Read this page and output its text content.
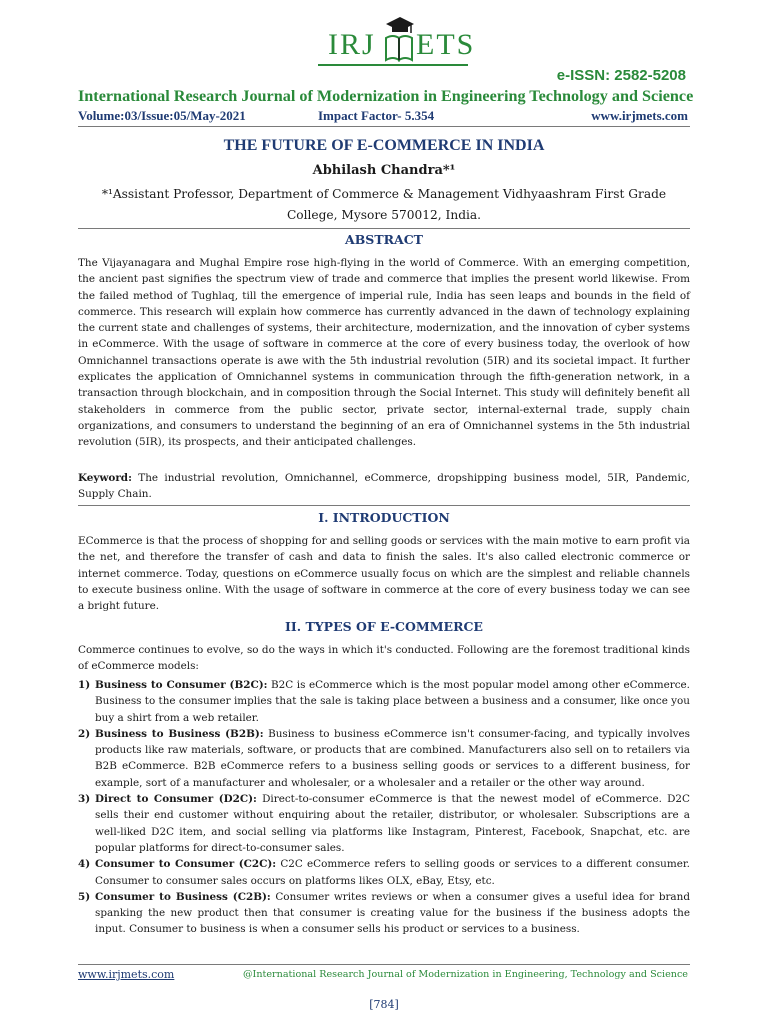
IRJ ETS
e-ISSN: 2582-5208
International Research Journal of Modernization in Engineering Technology and Science
Volume:03/Issue:05/May-2021	Impact Factor- 5.354	www.irjmets.com
THE FUTURE OF E-COMMERCE IN INDIA
Abhilash Chandra*¹
*¹Assistant Professor, Department of Commerce & Management Vidhyaashram First Grade College, Mysore 570012, India.
ABSTRACT

The Vijayanagara and Mughal Empire rose high-flying in the world of Commerce. With an emerging competition, the ancient past signifies the spectrum view of trade and commerce that implies the present world likewise. From the failed method of Tughlaq, till the emergence of imperial rule, India has seen leaps and bounds in the field of commerce. This research will explain how commerce has currently advanced in the dawn of technology explaining the current state and challenges of systems, their architecture, modernization, and the innovation of cyber systems in eCommerce. With the usage of software in commerce at the core of every business today, the overlook of how Omnichannel transactions operate is awe with the 5th industrial revolution (5IR) and its societal impact. It further explicates the application of Omnichannel systems in communication through the fifth-generation network, in a transaction through blockchain, and in composition through the Social Internet. This study will definitely benefit all stakeholders in commerce from the public sector, private sector, internal-external trade, supply chain organizations, and consumers to understand the beginning of an era of Omnichannel systems in the 5th industrial revolution (5IR), its prospects, and their anticipated challenges.

Keyword: The industrial revolution, Omnichannel, eCommerce, dropshipping business model, 5IR, Pandemic, Supply Chain.

I. INTRODUCTION

ECommerce is that the process of shopping for and selling goods or services with the main motive to earn profit via the net, and therefore the transfer of cash and data to finish the sales. It's also called electronic commerce or internet commerce. Today, questions on eCommerce usually focus on which are the simplest and reliable channels to execute business online. With the usage of software in commerce at the core of every business today we can see a bright future.

II. TYPES OF E-COMMERCE

Commerce continues to evolve, so do the ways in which it's conducted. Following are the foremost traditional kinds of eCommerce models:

1) Business to Consumer (B2C): B2C is eCommerce which is the most popular model among other eCommerce. Business to the consumer implies that the sale is taking place between a business and a consumer, like once you buy a shirt from a web retailer.
2) Business to Business (B2B): Business to business eCommerce isn't consumer-facing, and typically involves products like raw materials, software, or products that are combined. Manufacturers also sell on to retailers via B2B eCommerce. B2B eCommerce refers to a business selling goods or services to a different business, for example, sort of a manufacturer and wholesaler, or a wholesaler and a retailer or the other way around.
3) Direct to Consumer (D2C): Direct-to-consumer eCommerce is that the newest model of eCommerce. D2C sells their end customer without enquiring about the retailer, distributor, or wholesaler. Subscriptions are a well-liked D2C item, and social selling via platforms like Instagram, Pinterest, Facebook, Snapchat, etc. are popular platforms for direct-to-consumer sales.
4) Consumer to Consumer (C2C): C2C eCommerce refers to selling goods or services to a different consumer. Consumer to consumer sales occurs on platforms likes OLX, eBay, Etsy, etc.
5) Consumer to Business (C2B): Consumer writes reviews or when a consumer gives a useful idea for brand spanking the new product then that consumer is creating value for the business if the business adopts the input. Consumer to business is when a consumer sells his product or services to a business.
www.irjmets.com	@International Research Journal of Modernization in Engineering, Technology and Science
[784]
